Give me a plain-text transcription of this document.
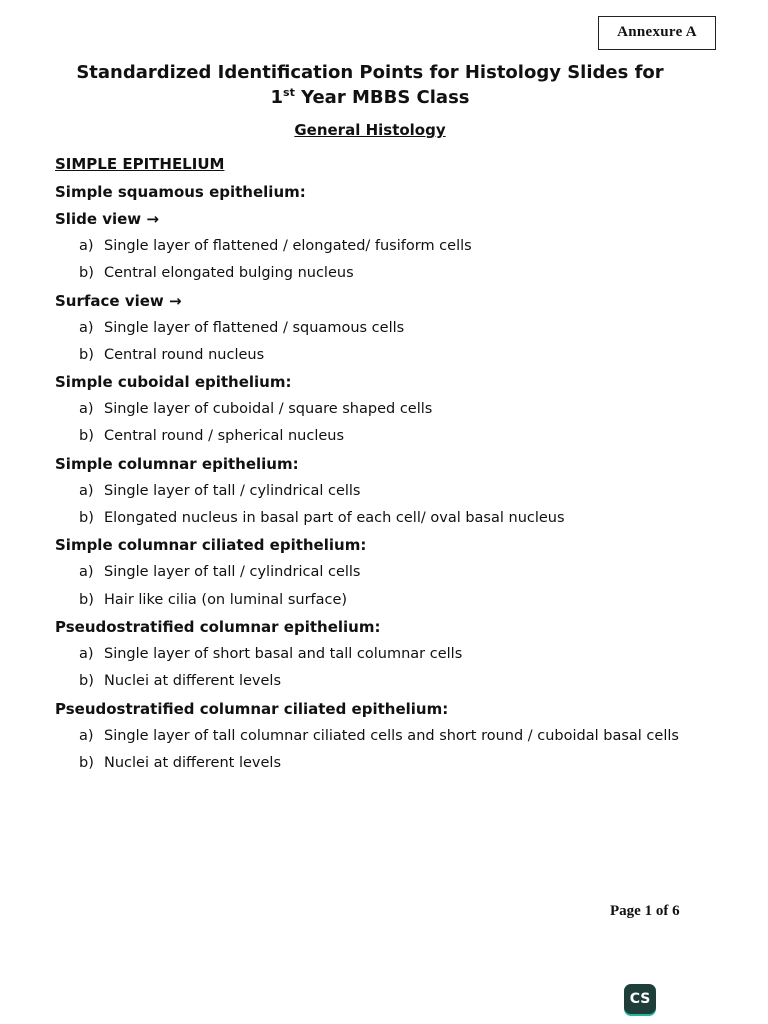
Annexure A
Standardized Identification Points for Histology Slides for
1st Year MBBS Class
General Histology
SIMPLE EPITHELIUM
Simple squamous epithelium:
Slide view →
a) Single layer of flattened / elongated/ fusiform cells
b) Central elongated bulging nucleus
Surface view →
a) Single layer of flattened / squamous cells
b) Central round nucleus
Simple cuboidal epithelium:
a) Single layer of cuboidal / square shaped cells
b) Central round / spherical nucleus
Simple columnar epithelium:
a) Single layer of tall / cylindrical cells
b) Elongated nucleus in basal part of each cell/ oval basal nucleus
Simple columnar ciliated epithelium:
a) Single layer of tall / cylindrical cells
b) Hair like cilia (on luminal surface)
Pseudostratified columnar epithelium:
a) Single layer of short basal and tall columnar cells
b) Nuclei at different levels
Pseudostratified columnar ciliated epithelium:
a) Single layer of tall columnar ciliated cells and short round / cuboidal basal cells
b) Nuclei at different levels
Page 1 of 6
CS
